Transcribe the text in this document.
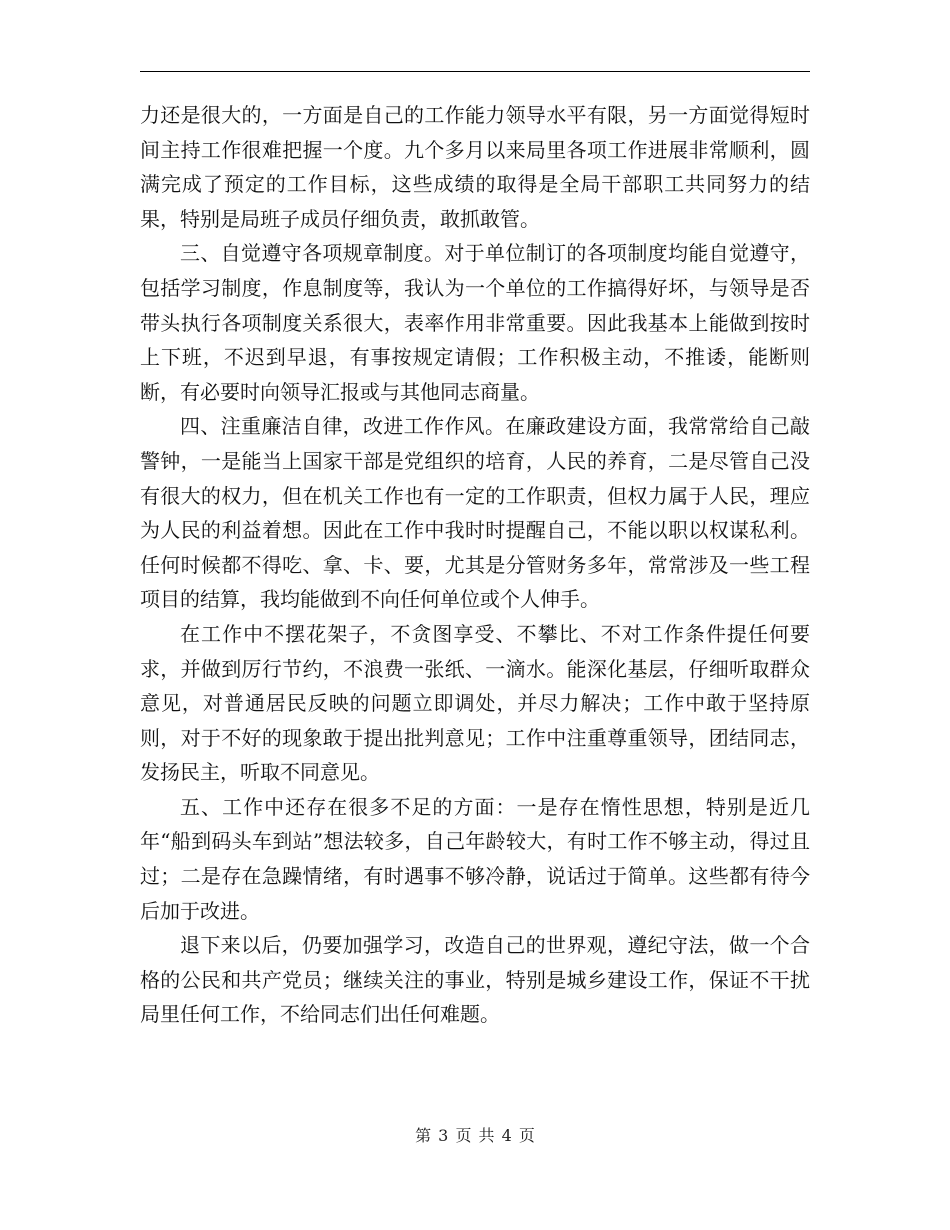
力还是很大的，一方面是自己的工作能力领导水平有限，另一方面觉得短时间主持工作很难把握一个度。九个多月以来局里各项工作进展非常顺利，圆满完成了预定的工作目标，这些成绩的取得是全局干部职工共同努力的结果，特别是局班子成员仔细负责，敢抓敢管。

三、自觉遵守各项规章制度。对于单位制订的各项制度均能自觉遵守，包括学习制度，作息制度等，我认为一个单位的工作搞得好坏，与领导是否带头执行各项制度关系很大，表率作用非常重要。因此我基本上能做到按时上下班，不迟到早退，有事按规定请假；工作积极主动，不推诿，能断则断，有必要时向领导汇报或与其他同志商量。

四、注重廉洁自律，改进工作作风。在廉政建设方面，我常常给自己敲警钟，一是能当上国家干部是党组织的培育，人民的养育，二是尽管自己没有很大的权力，但在机关工作也有一定的工作职责，但权力属于人民，理应为人民的利益着想。因此在工作中我时时提醒自己，不能以职以权谋私利。任何时候都不得吃、拿、卡、要，尤其是分管财务多年，常常涉及一些工程项目的结算，我均能做到不向任何单位或个人伸手。

在工作中不摆花架子，不贪图享受、不攀比、不对工作条件提任何要求，并做到厉行节约，不浪费一张纸、一滴水。能深化基层，仔细听取群众意见，对普通居民反映的问题立即调处，并尽力解决；工作中敢于坚持原则，对于不好的现象敢于提出批判意见；工作中注重尊重领导，团结同志，发扬民主，听取不同意见。

五、工作中还存在很多不足的方面：一是存在惰性思想，特别是近几年“船到码头车到站”想法较多，自己年龄较大，有时工作不够主动，得过且过；二是存在急躁情绪，有时遇事不够冷静，说话过于简单。这些都有待今后加于改进。

退下来以后，仍要加强学习，改造自己的世界观，遵纪守法，做一个合格的公民和共产党员；继续关注的事业，特别是城乡建设工作，保证不干扰局里任何工作，不给同志们出任何难题。

第 3 页 共 4 页
